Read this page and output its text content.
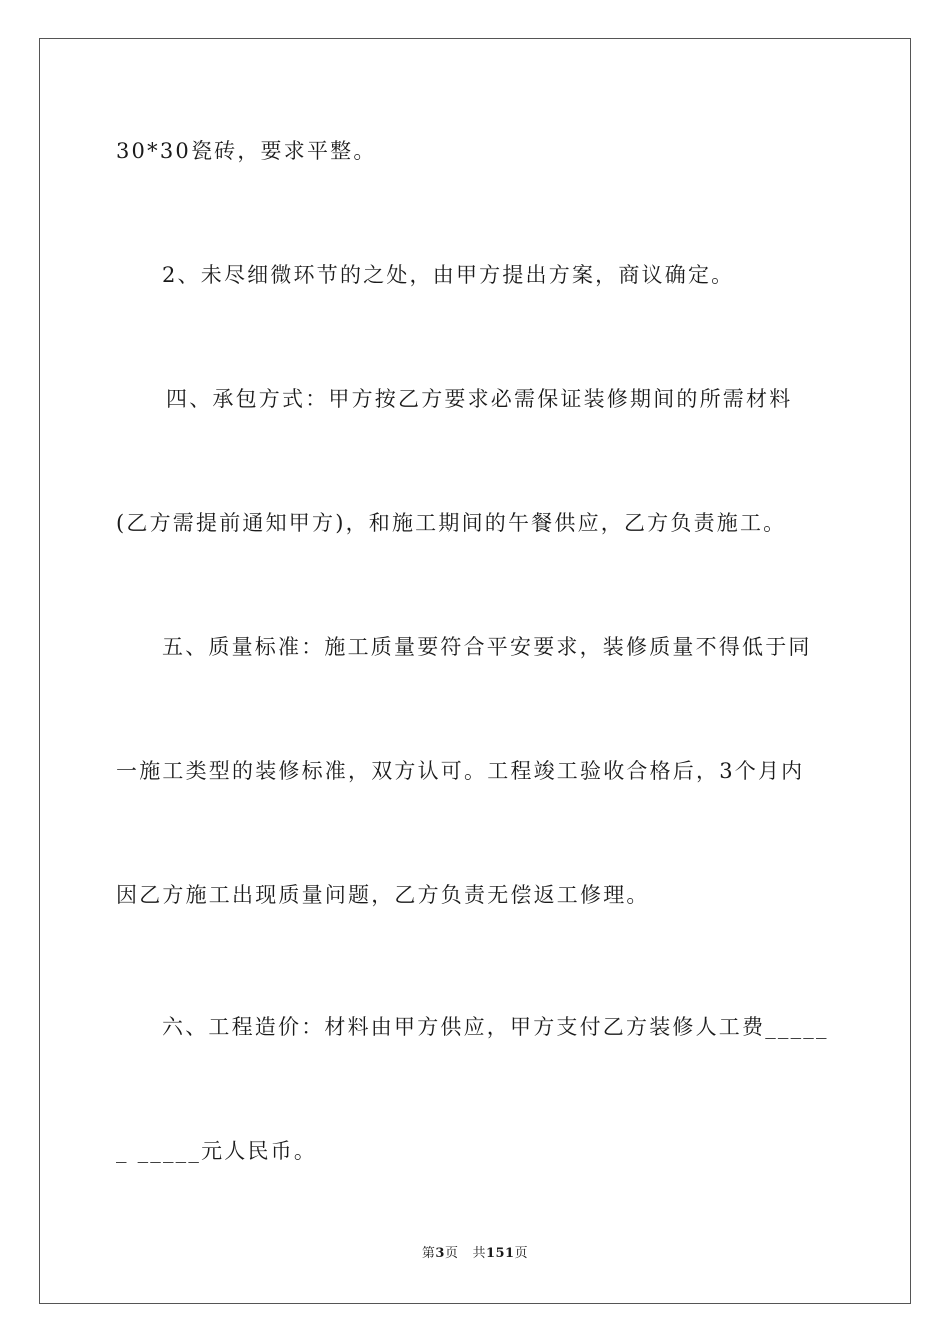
30*30瓷砖，要求平整。
2、未尽细微环节的之处，由甲方提出方案，商议确定。
四、承包方式：甲方按乙方要求必需保证装修期间的所需材料
(乙方需提前通知甲方)，和施工期间的午餐供应，乙方负责施工。
五、质量标准：施工质量要符合平安要求，装修质量不得低于同
一施工类型的装修标准，双方认可。工程竣工验收合格后，3个月内
因乙方施工出现质量问题，乙方负责无偿返工修理。
六、工程造价：材料由甲方供应，甲方支付乙方装修人工费_____
_ _____元人民币。
第3页 共151页
